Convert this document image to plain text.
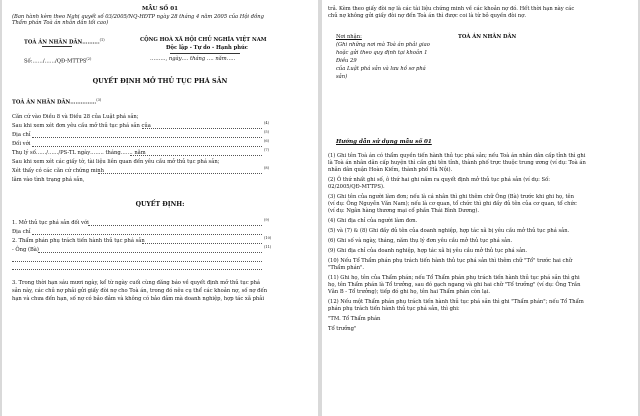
MẪU SỐ 01
(Ban hành kèm theo Nghị quyết số 03/2005/NQ-HĐTP ngày 28 tháng 4 năm 2005 của Hội đồng
Thẩm phán Toà án nhân dân tối cao)
TOÀ ÁN NHÂN DÂN……….$^{(1)}$	CỘNG HOÀ XÃ HỘI CHỦ NGHĨA VIỆT NAM
Độc lập - Tự do - Hạnh phúc
Số:……/……/QĐ-MTTPS$^{(2)}$	………, ngày…. tháng …. năm…..
QUYẾT ĐỊNH MỞ THỦ TỤC PHÁ SẢN
TOÀ ÁN NHÂN DÂN……………$^{(3)}$
Căn cứ vào Điều 8 và Điều 28 của Luật phá sản;
Sau khi xem xét đơn yêu cầu mở thủ tục phá sản của	(4)
Địa chỉ	(5)
Đối với	(6)
Thụ lý số……/……/PS-TL ngày…….. tháng……. năm	(7)
Sau khi xem xét các giấy tờ, tài liệu liên quan đến yêu cầu mở thủ tục phá sản;
Xét thấy có các căn cứ chứng minh	(8)
lâm vào tình trạng phá sản,
QUYẾT ĐỊNH:
1. Mở thủ tục phá sản đối với	(9)
Địa chỉ
2. Thẩm phán phụ trách tiến hành thủ tục phá sản	(10)
- Ông (Bà)	(11)
3. Trong thời hạn sáu mươi ngày, kể từ ngày cuối cùng đăng báo về quyết định mở thủ tục phá
sản này, các chủ nợ phải gửi giấy đòi nợ cho Toà án, trong đó nêu cụ thể các khoản nợ, số nợ đến
hạn và chưa đến hạn, số nợ có bảo đảm và không có bảo đảm mà doanh nghiệp, hợp tác xã phải
trả. Kèm theo giấy đòi nợ là các tài liệu chứng minh về các khoản nợ đó. Hết thời hạn này các
chủ nợ không gửi giấy đòi nợ đến Toà án thì được coi là từ bỏ quyền đòi nợ.
Nơi nhận:
(Ghi những nơi mà Toà án phải giao
hoặc gửi theo quy định tại khoản 1
Điều 29
của Luật phá sản và lưu hồ sơ phá
sản)
TOÀ ÁN NHÂN DÂN
Hướng dẫn sử dụng mẫu số 01
(1) Ghi tên Toà án có thẩm quyền tiến hành thủ tục phá sản; nếu Toà án nhân dân cấp tỉnh thì ghi
là Toà án nhân dân cấp huyện thì cần ghi tên tỉnh, thành phố trực thuộc trung ương (ví dụ: Toà án
nhân dân quận Hoàn Kiếm, thành phố Hà Nội).
(2) Ô thứ nhất ghi số, ô thứ hai ghi năm ra quyết định mở thủ tục phá sản (ví dụ: Số:
02/2005/QĐ-MTTPS).
(3) Ghi tên của người làm đơn; nếu là cá nhân thì ghi thêm chữ Ông (Bà) trước khi ghi họ, tên
(ví dụ: Ông Nguyễn Văn Nam); nếu là cơ quan, tổ chức thì ghi đầy đủ tên của cơ quan, tổ chức
(ví dụ: Ngân hàng thương mại cổ phần Thái Bình Dương).
(4) Ghi địa chỉ của người làm đơn.
(5) và (7) & (8) Ghi đầy đủ tên của doanh nghiệp, hợp tác xã bị yêu cầu mở thủ tục phá sản.
(6) Ghi số và ngày, tháng, năm thụ lý đơn yêu cầu mở thủ tục phá sản.
(9) Ghi địa chỉ của doanh nghiệp, hợp tác xã bị yêu cầu mở thủ tục phá sản.
(10) Nếu Tổ Thẩm phán phụ trách tiến hành thủ tục phá sản thì thêm chữ "Tổ" trước hai chữ
"Thẩm phán".
(11) Ghi họ, tên của Thẩm phán; nếu Tổ Thẩm phán phụ trách tiến hành thủ tục phá sản thì ghi
họ, tên Thẩm phán là Tổ trưởng, sau đó gạch ngang và ghi hai chữ "Tổ trưởng" (ví dụ: Ông Trần
Văn B - Tổ trưởng); tiếp đó ghi họ, tên hai Thẩm phán còn lại.
(12) Nếu một Thẩm phán phụ trách tiến hành thủ tục phá sản thì ghi "Thẩm phán"; nếu Tổ Thẩm
phán phụ trách tiến hành thủ tục phá sản, thì ghi:
"TM. Tổ Thẩm phán
Tổ trưởng"
